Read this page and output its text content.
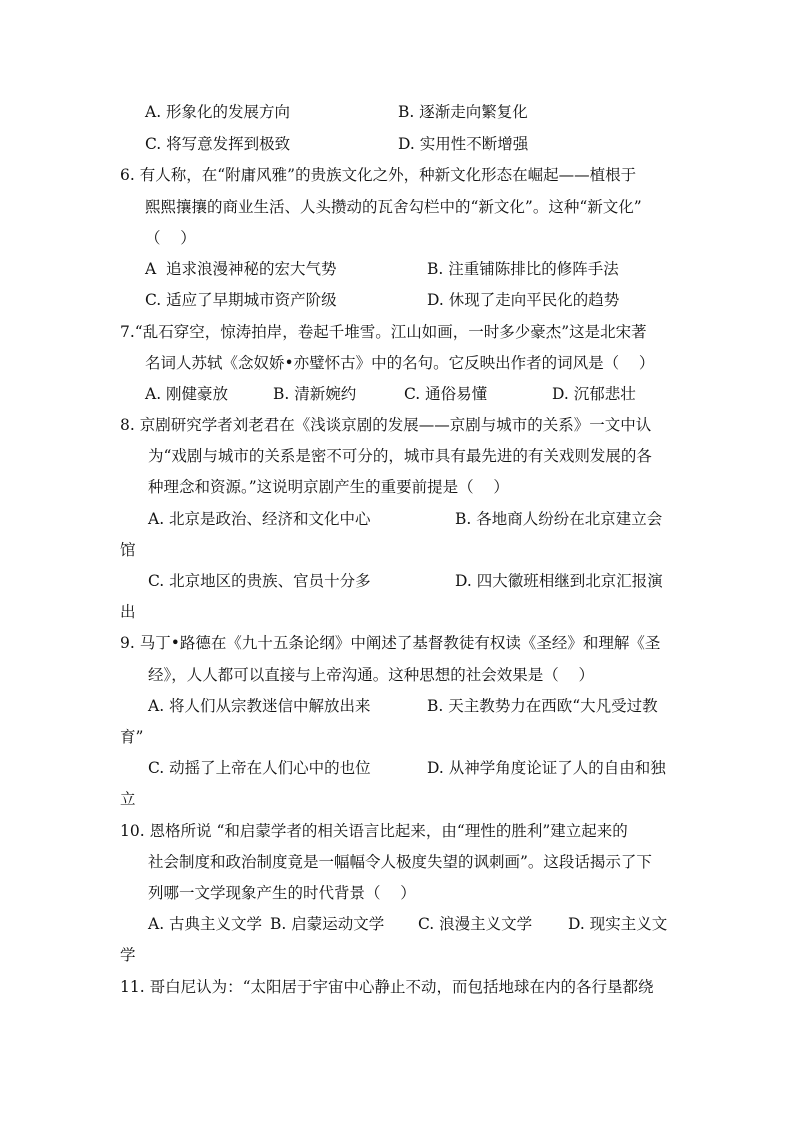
A. 形象化的发展方向	B. 逐渐走向繁复化
C. 将写意发挥到极致	D. 实用性不断增强
6. 有人称，在“附庸风雅”的贵族文化之外，种新文化形态在崛起——植根于
熙熙攘攘的商业生活、人头攒动的瓦舍勾栏中的“新文化”。这种“新文化”
（    ）
A  追求浪漫神秘的宏大气势	B. 注重铺陈排比的修阵手法
C. 适应了早期城市资产阶级	D. 休现了走向平民化的趋势
7.“乱石穿空，惊涛拍岸，卷起千堆雪。江山如画，一时多少豪杰”这是北宋著
名词人苏轼《念奴娇•亦璧怀古》中的名句。它反映出作者的词风是（    ）
A. 刚健豪放	B. 清新婉约	C. 通俗易懂	D. 沉郁悲壮
8. 京剧研究学者刘老君在《浅谈京剧的发展——京剧与城市的关系》一文中认
为“戏剧与城市的关系是密不可分的，城市具有最先进的有关戏则发展的各
种理念和资源。”这说明京剧产生的重要前提是（    ）
A. 北京是政治、经济和文化中心	B. 各地商人纷纷在北京建立会
馆
C. 北京地区的贵族、官员十分多	D. 四大徽班相继到北京汇报演
出
9. 马丁•路德在《九十五条论纲》中阐述了基督教徒有权读《圣经》和理解《圣
经》，人人都可以直接与上帝沟通。这种思想的社会效果是（    ）
A. 将人们从宗教迷信中解放出来	B. 天主教势力在西欧“大凡受过教
育”
C. 动摇了上帝在人们心中的也位	D. 从神学角度论证了人的自由和独
立
10. 恩格所说 “和启蒙学者的相关语言比起来，由“理性的胜利”建立起来的
社会制度和政治制度竟是一幅幅令人极度失望的讽刺画”。这段话揭示了下
列哪一文学现象产生的时代背景（    ）
A. 古典主义文学 B. 启蒙运动文学 C. 浪漫主义文学 D. 现实主义文
学
11. 哥白尼认为：“太阳居于宇宙中心静止不动，而包括地球在内的各行垦都绕
